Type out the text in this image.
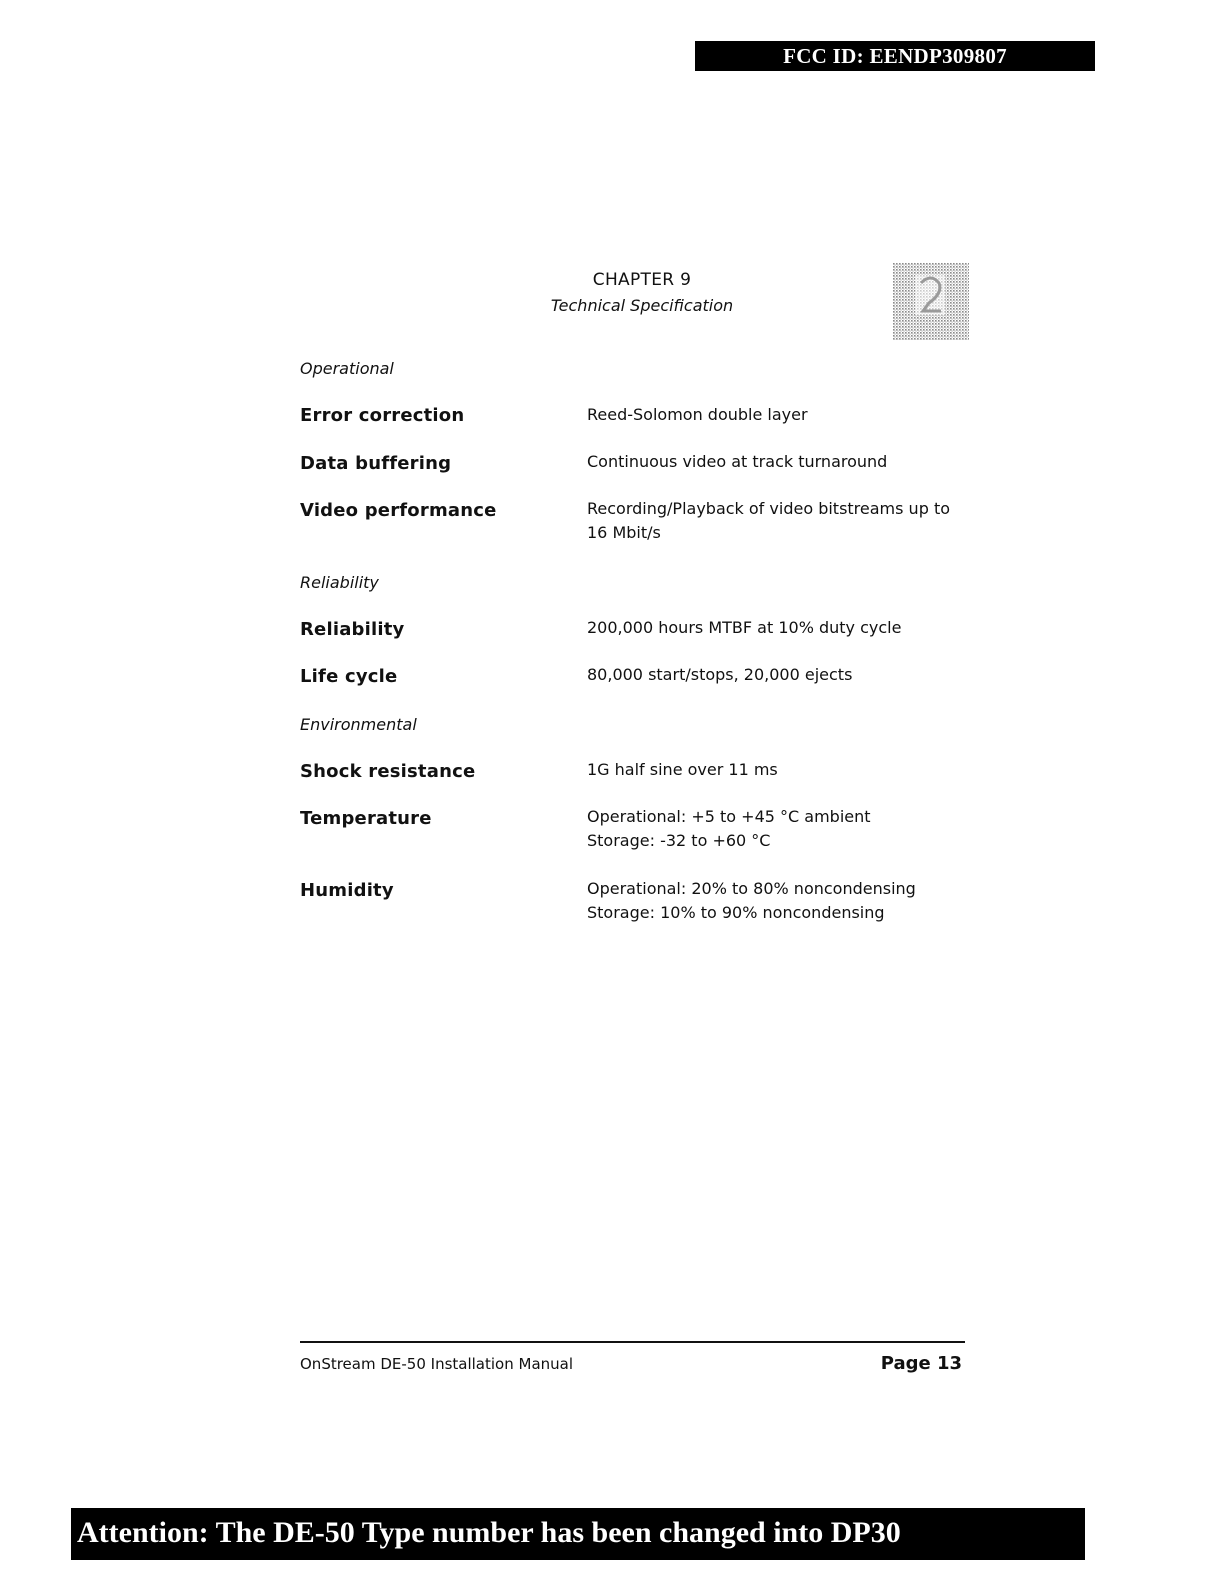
FCC ID: EENDP309807
CHAPTER 9
Technical Specification
Operational
Error correction	Reed-Solomon double layer
Data buffering	Continuous video at track turnaround
Video performance	Recording/Playback of video bitstreams up to
16 Mbit/s
Reliability
Reliability	200,000 hours MTBF at 10% duty cycle
Life cycle	80,000 start/stops, 20,000 ejects
Environmental
Shock resistance	1G half sine over 11 ms
Temperature	Operational: +5 to +45 °C ambient
Storage: -32 to +60 °C
Humidity	Operational: 20% to 80% noncondensing
Storage: 10% to 90% noncondensing
OnStream DE-50 Installation Manual	Page 13
Attention: The DE-50 Type number has been changed into DP30
